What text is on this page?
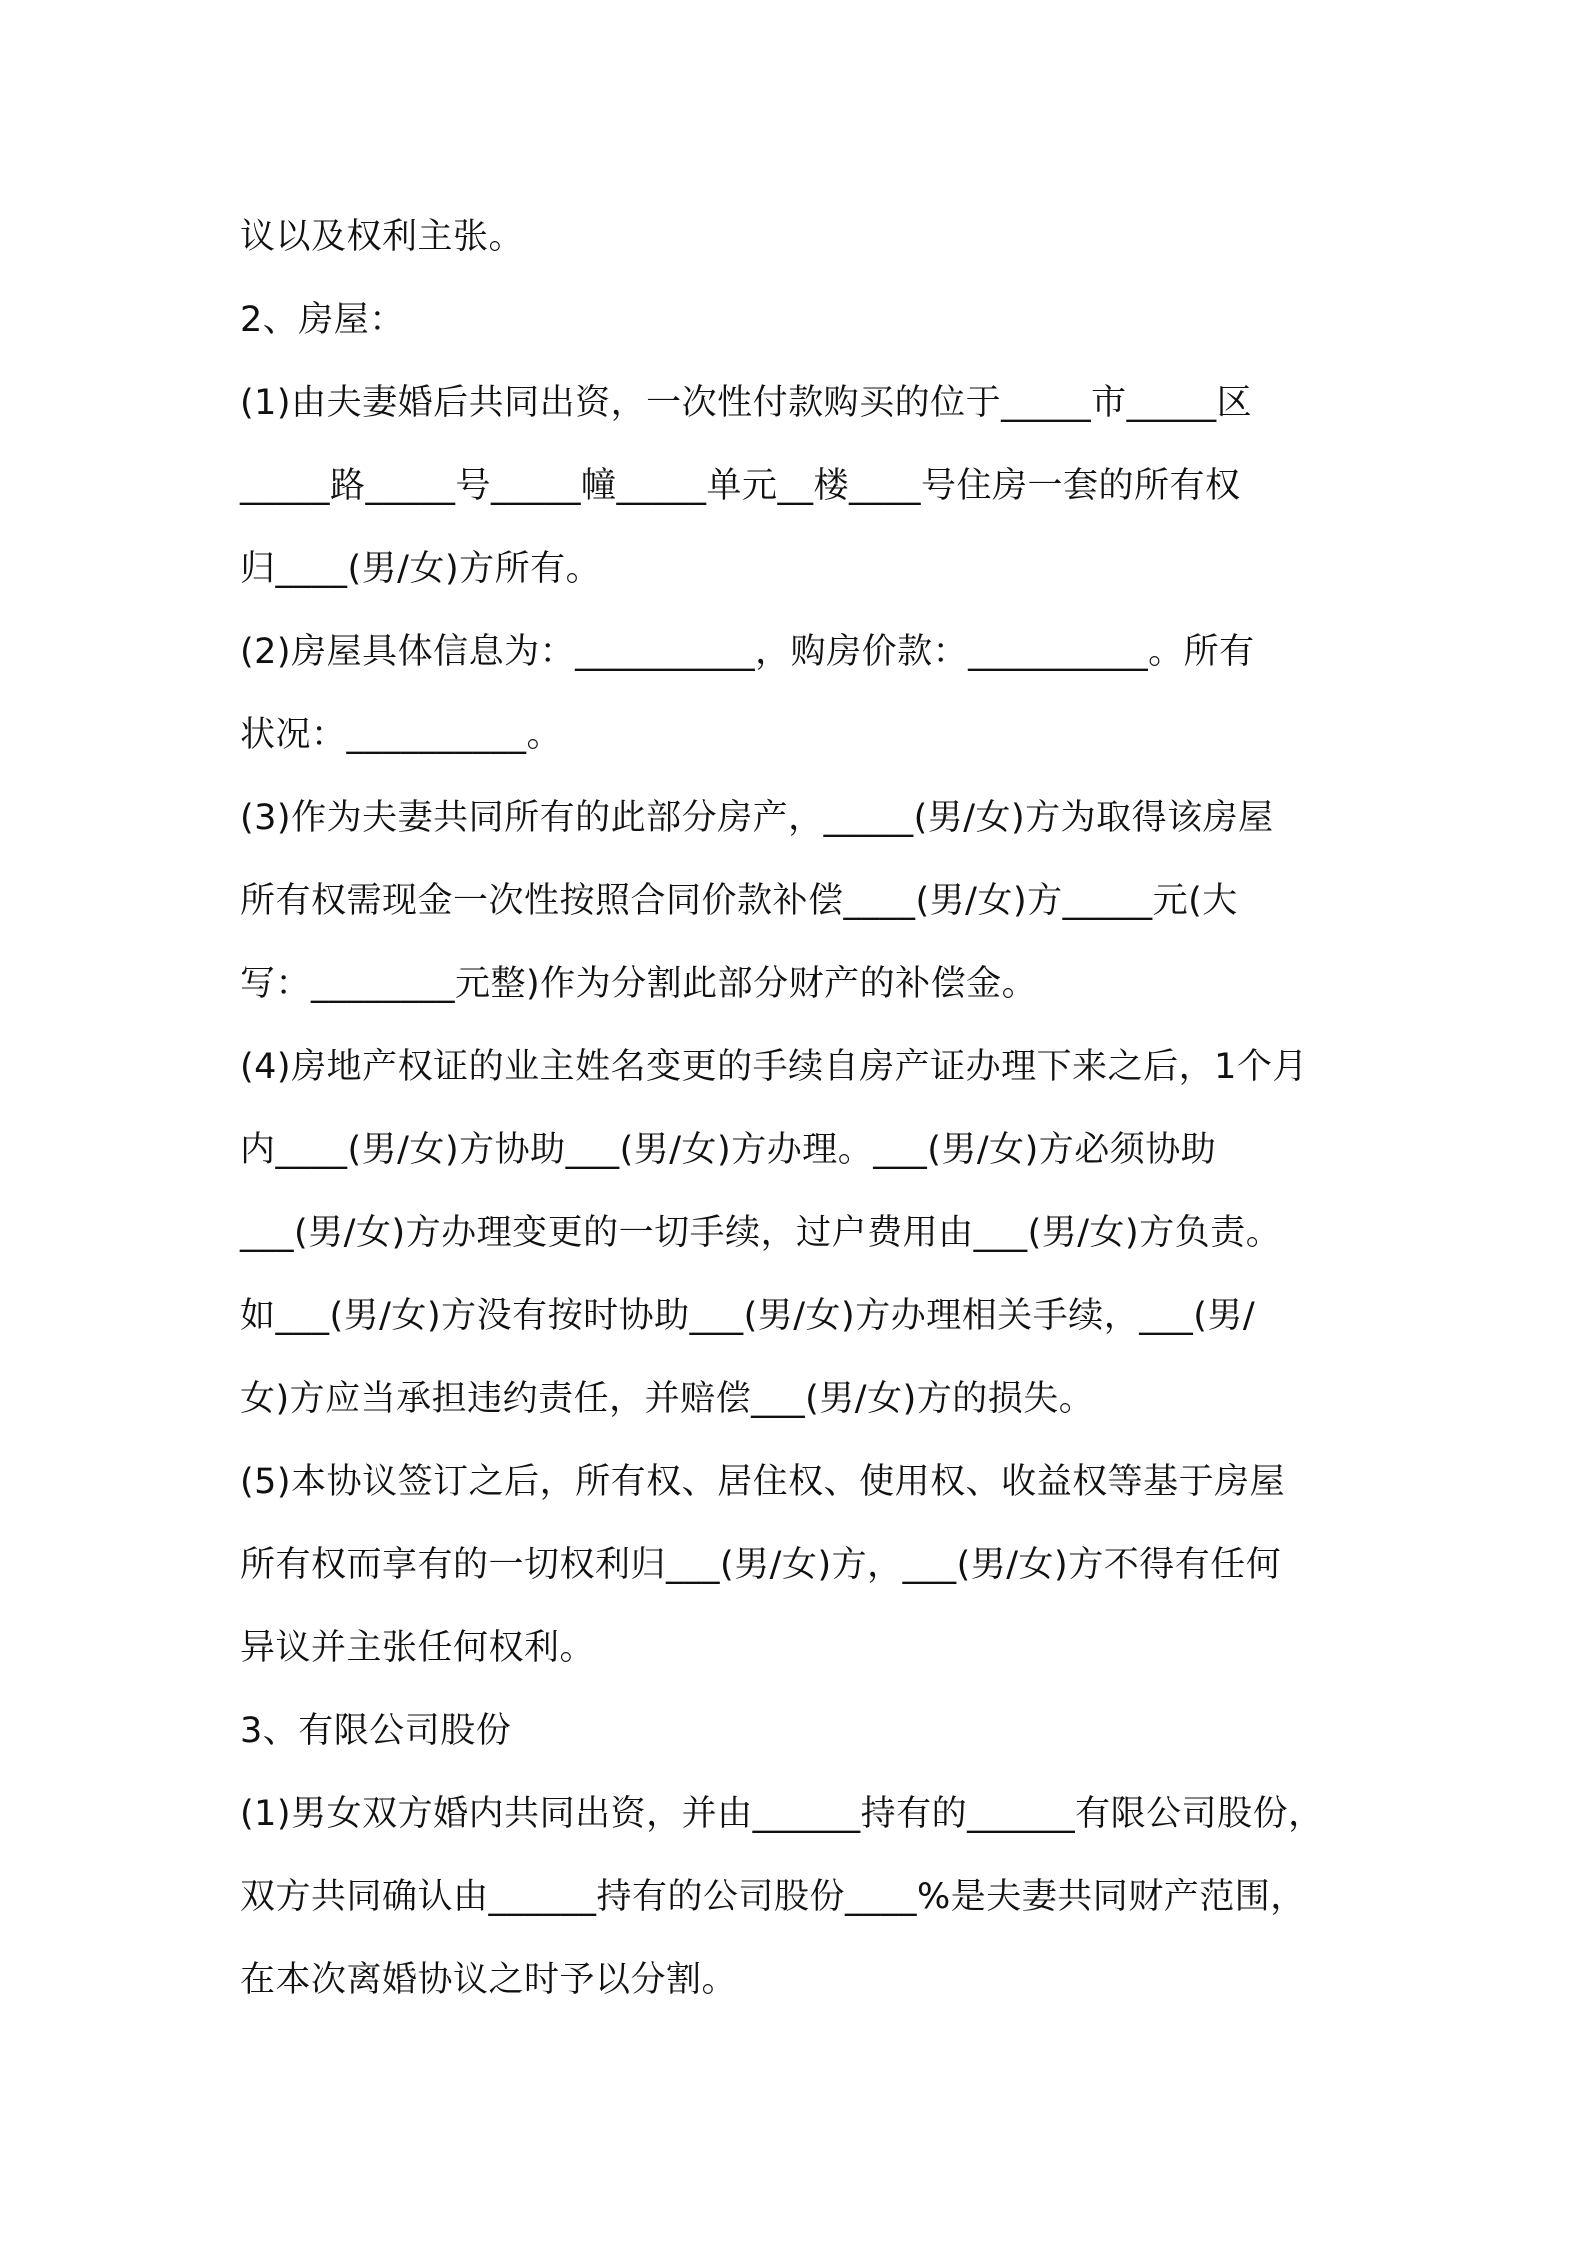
议以及权利主张。
2、房屋：
(1)由夫妻婚后共同出资，一次性付款购买的位于_____市_____区
_____路_____号_____幢_____单元__楼____号住房一套的所有权
归____(男/女)方所有。
(2)房屋具体信息为：__________，购房价款：__________。所有
状况：__________。
(3)作为夫妻共同所有的此部分房产，_____(男/女)方为取得该房屋
所有权需现金一次性按照合同价款补偿____(男/女)方_____元(大
写：________元整)作为分割此部分财产的补偿金。
(4)房地产权证的业主姓名变更的手续自房产证办理下来之后，1个月
内____(男/女)方协助___(男/女)方办理。___(男/女)方必须协助
___(男/女)方办理变更的一切手续，过户费用由___(男/女)方负责。
如___(男/女)方没有按时协助___(男/女)方办理相关手续，___(男/
女)方应当承担违约责任，并赔偿___(男/女)方的损失。
(5)本协议签订之后，所有权、居住权、使用权、收益权等基于房屋
所有权而享有的一切权利归___(男/女)方，___(男/女)方不得有任何
异议并主张任何权利。
3、有限公司股份
(1)男女双方婚内共同出资，并由______持有的______有限公司股份，
双方共同确认由______持有的公司股份____%是夫妻共同财产范围，
在本次离婚协议之时予以分割。
